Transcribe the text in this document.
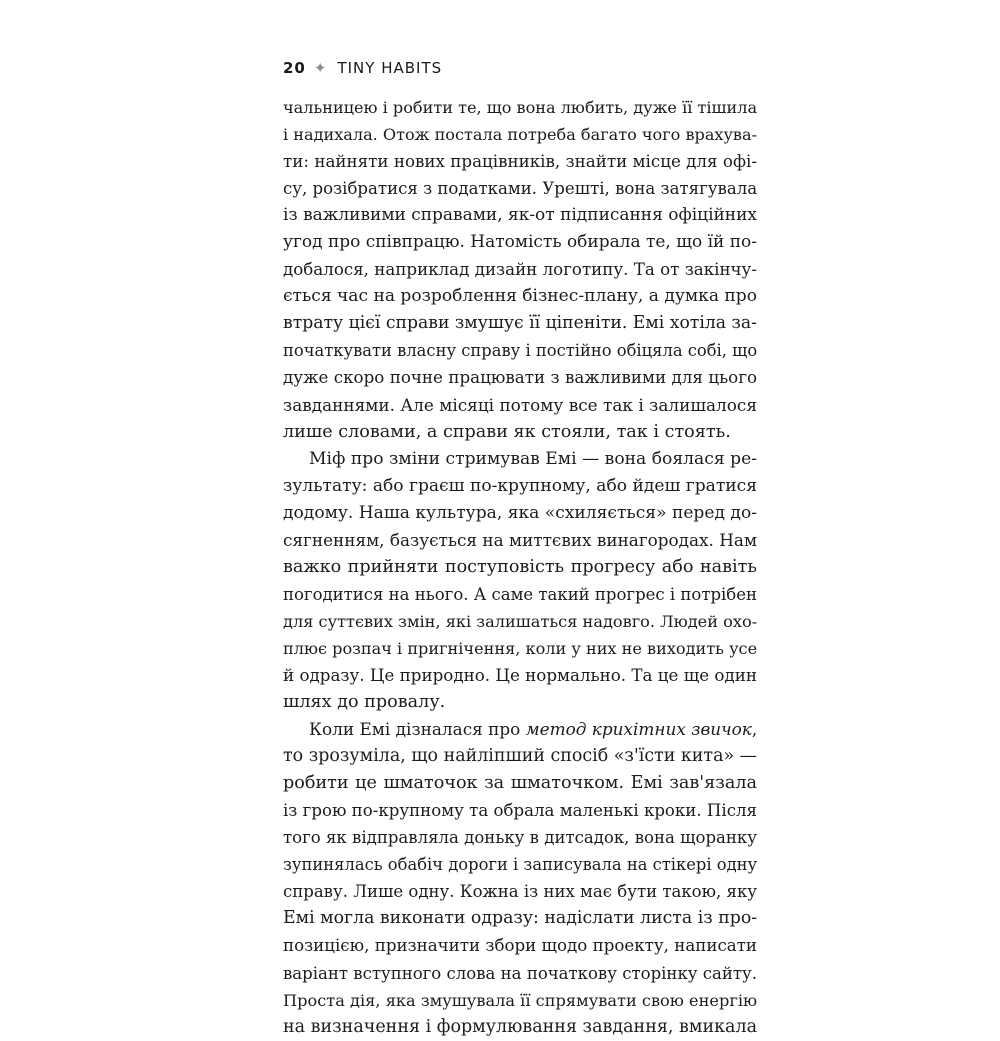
20 ✦ TINY HABITS
чальницею і робити те, що вона любить, дуже її тішила
і надихала. Отож постала потреба багато чого врахува-
ти: найняти нових працівників, знайти місце для офі-
су, розібратися з податками. Урешті, вона затягувала
із важливими справами, як-от підписання офіційних
угод про співпрацю. Натомість обирала те, що їй по-
добалося, наприклад дизайн логотипу. Та от закінчу-
ється час на розроблення бізнес-плану, а думка про
втрату цієї справи змушує її ціпеніти. Емі хотіла за-
початкувати власну справу і постійно обіцяла собі, що
дуже скоро почне працювати з важливими для цього
завданнями. Але місяці потому все так і залишалося
лише словами, а справи як стояли, так і стоять.
Міф про зміни стримував Емі — вона боялася ре-
зультату: або граєш по-крупному, або йдеш гратися
додому. Наша культура, яка «схиляється» перед до-
сягненням, базується на миттєвих винагородах. Нам
важко прийняти поступовість прогресу або навіть
погодитися на нього. А саме такий прогрес і потрібен
для суттєвих змін, які залишаться надовго. Людей охо-
плює розпач і пригнічення, коли у них не виходить усе
й одразу. Це природно. Це нормально. Та це ще один
шлях до провалу.
Коли Емі дізналася про метод крихітних звичок,
то зрозуміла, що найліпший спосіб «з'їсти кита» —
робити це шматочок за шматочком. Емі зав'язала
із грою по-крупному та обрала маленькі кроки. Після
того як відправляла доньку в дитсадок, вона щоранку
зупинялась обабіч дороги і записувала на стікері одну
справу. Лише одну. Кожна із них має бути такою, яку
Емі могла виконати одразу: надіслати листа із про-
позицією, призначити збори щодо проекту, написати
варіант вступного слова на початкову сторінку сайту.
Проста дія, яка змушувала її спрямувати свою енергію
на визначення і формулювання завдання, вмикала
